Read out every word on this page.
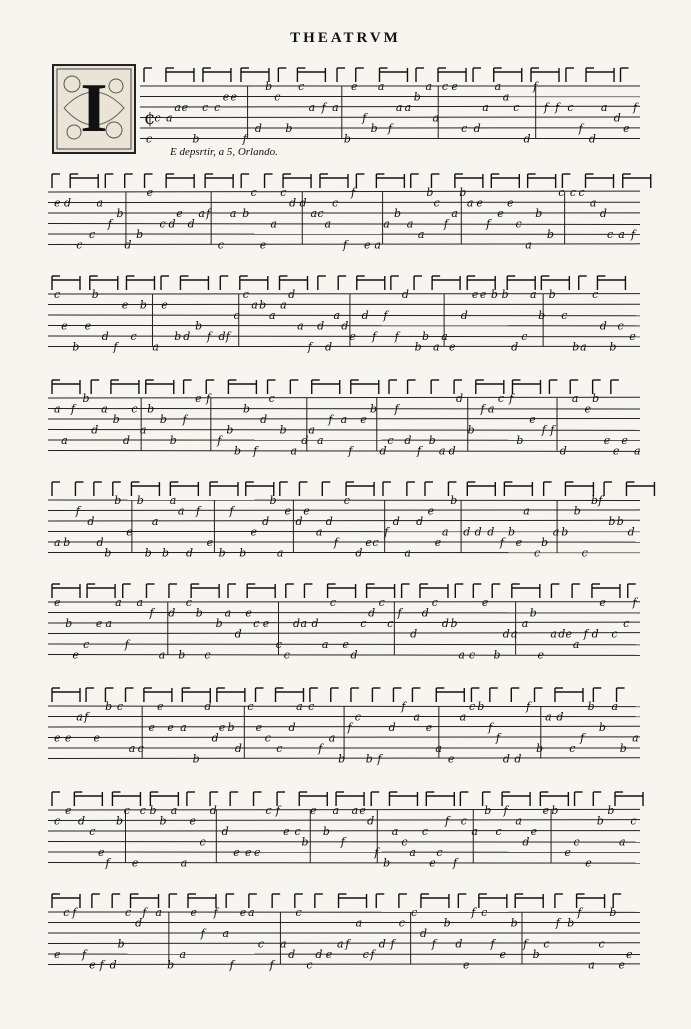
THEATRVM
I
E depsrtir, a 5, Orlando.
c
c a
a e
b
c c
e e
f
d
b
c
b
c
a f a
b
e
f
b
a
f
a a
b
a
a
c e
c d
a
a
a
c
d
f
f f c
f
d
a
d
e
f
e d
c
c
a
f
b
d
b
e
c d
e
d
a f
c
a b
c
e
a
c
d d
a c
a
c
f
f
e a
a
b
a
a
b
c
f
a
b
a e
f
e
e
c
a
b
b
c c c
a
d
c a f
c
e
b
e
b
d
f
e
c
b
a
e
b d
b
f d f
c
c
a b
a
a
d
a
f
d
d
a
d
e
d
f
f
f
d
b
b
a
a
e
d
e e b b
d
c
a
b
b
c
b a
c
d
b
c
e
a
a
f
b
d
a
b
d
c
a
b
b
b
f
e f
f
b
b
b
f
d
c
b
a
d
a
a
f a
f
e
b
d
c
f
d
f
b
a d
d
b
f a
c f
b
e
f f
d
a
e
b
e
e
e
a
a b
f
d
d
b
b
e
b
b
a
b
a
a
d
f
e
b
f
b
e
d
b
a
e
d
e
a
d
f
c
d
e c
f
d
a
d
e
e
a
b
d d d
f
b
e
a
c
b
a b
b
c
b f
b b
d
e
b
e
c
e a
a
f
a
f
a
d
b
c
b
c
b
a
d
e
c e
c
c
d a d
a
c
e
d
c
d
c
c
f
d
d
c
d b
a c
e
b
d a
a
b
e
a d e
a
f d
e
c
c
f
e e
a f
e
b c
a c
e
e
e a
b
d
d
e b
d
c
e
c
c
d
a c
f
a
b
f
c
b f
d
f
a
e
a
e
a
c b
f
f
d d
f
b
a d
c
f
b
b
a
b
a
c
e
d
c
e
f
b
c
e
c b
b
a
a
e
c
d
d
e e e
c f
e c
b
e
b
a
f
a e
d
f
b
a
c
a
c
e
c
f
f
c
a
b
c
f
a
d
e
e b
e
c
e
b
b
a
c
e
c f
f
e f d
b
c
d
f a
b
a
e
f
f
a
f
e a
c
f
a
d
c
c
d e
a f
a
c f
d f
c
c
d
f
b
d
e
f c
f
e
b
f
b
c
f b
f
a
c
b
e
e
¢
